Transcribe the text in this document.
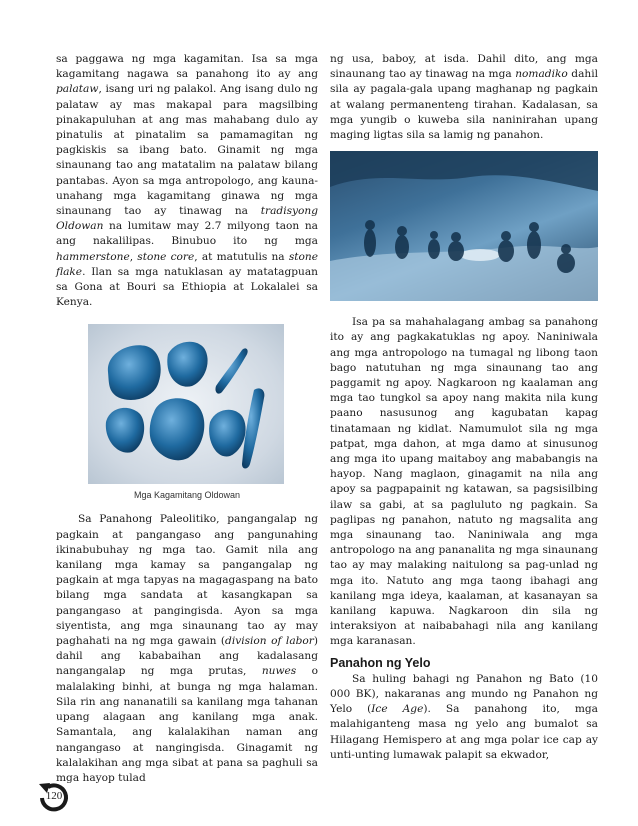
sa paggawa ng mga kagamitan. Isa sa mga kagamitang nagawa sa panahong ito ay ang palataw, isang uri ng palakol. Ang isang dulo ng palataw ay mas makapal para magsilbing pinakapuluhan at ang mas mahabang dulo ay pinatulis at pinatalim sa pamamagitan ng pagkiskis sa ibang bato. Ginamit ng mga sinaunang tao ang matatalim na palataw bilang pantabas. Ayon sa mga antropologo, ang kauna-unahang mga kagamitang ginawa ng mga sinaunang tao ay tinawag na tradisyong Oldowan na lumitaw may 2.7 milyong taon na ang nakalilipas. Binubuo ito ng mga hammerstone, stone core, at matutulis na stone flake. Ilan sa mga natuklasan ay matatagpuan sa Gona at Bouri sa Ethiopia at Lokalalei sa Kenya.

Mga Kagamitang Oldowan

Sa Panahong Paleolitiko, pangangalap ng pagkain at pangangaso ang pangunahing ikinabubuhay ng mga tao. Gamit nila ang kanilang mga kamay sa pangangalap ng pagkain at mga tapyas na magagaspang na bato bilang mga sandata at kasangkapan sa pangangaso at pangingisda. Ayon sa mga siyentista, ang mga sinaunang tao ay may paghahati na ng mga gawain (division of labor) dahil ang kababaihan ang kadalasang nangangalap ng mga prutas, nuwes o malalaking binhi, at bunga ng mga halaman. Sila rin ang nananatili sa kanilang mga tahanan upang alagaan ang kanilang mga anak. Samantala, ang kalalakihan naman ang nangangaso at nangingisda. Ginagamit ng kalalakihan ang mga sibat at pana sa paghuli sa mga hayop tulad

ng usa, baboy, at isda. Dahil dito, ang mga sinaunang tao ay tinawag na mga nomadiko dahil sila ay pagala-gala upang maghanap ng pagkain at walang permanenteng tirahan. Kadalasan, sa mga yungib o kuweba sila naninirahan upang maging ligtas sila sa lamig ng panahon.

Isa pa sa mahahalagang ambag sa panahong ito ay ang pagkakatuklas ng apoy. Naniniwala ang mga antropologo na tumagal ng libong taon bago natutuhan ng mga sinaunang tao ang paggamit ng apoy. Nagkaroon ng kaalaman ang mga tao tungkol sa apoy nang makita nila kung paano nasusunog ang kagubatan kapag tinatamaan ng kidlat. Namumulot sila ng mga patpat, mga dahon, at mga damo at sinusunog ang mga ito upang maitaboy ang mababangis na hayop. Nang maglaon, ginagamit na nila ang apoy sa pagpapainit ng katawan, sa pagsisilbing ilaw sa gabi, at sa pagluluto ng pagkain. Sa paglipas ng panahon, natuto ng magsalita ang mga sinaunang tao. Naniniwala ang mga antropologo na ang pananalita ng mga sinaunang tao ay may malaking naitulong sa pag-unlad ng mga ito. Natuto ang mga taong ibahagi ang kanilang mga ideya, kaalaman, at kasanayan sa kanilang kapuwa. Nagkaroon din sila ng interaksiyon at naibabahagi nila ang kanilang mga karanasan.

Panahon ng Yelo

Sa huling bahagi ng Panahon ng Bato (10 000 BK), nakaranas ang mundo ng Panahon ng Yelo (Ice Age). Sa panahong ito, mga malahiganteng masa ng yelo ang bumalot sa Hilagang Hemispero at ang mga polar ice cap ay unti-unting lumawak palapit sa ekwador,

120
